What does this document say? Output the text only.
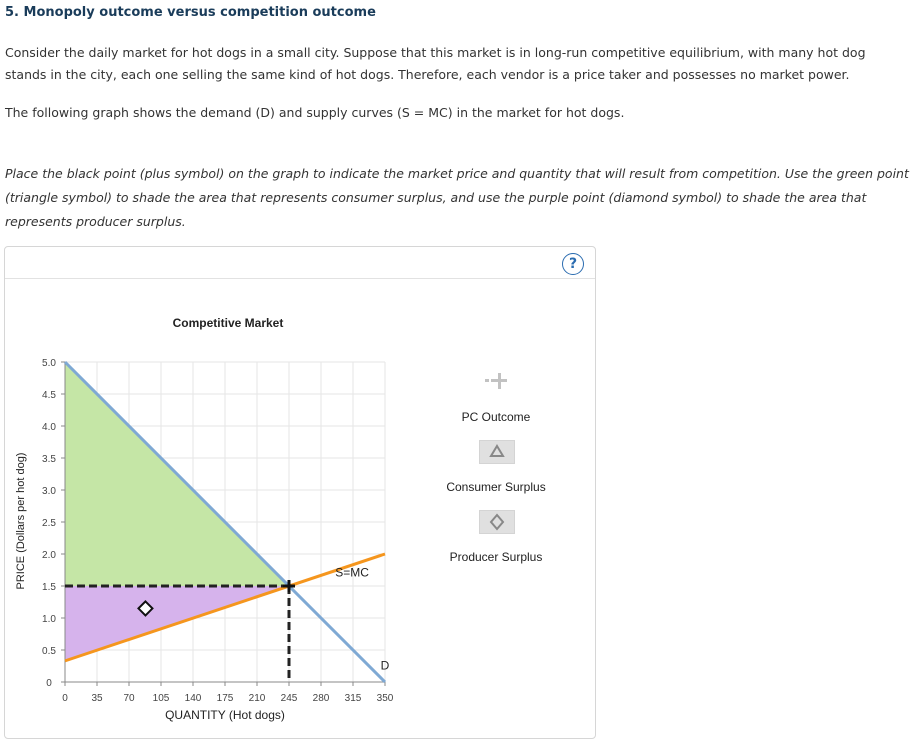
5. Monopoly outcome versus competition outcome
Consider the daily market for hot dogs in a small city. Suppose that this market is in long-run competitive equilibrium, with many hot dog stands in the city, each one selling the same kind of hot dogs. Therefore, each vendor is a price taker and possesses no market power.
The following graph shows the demand (D) and supply curves (S = MC) in the market for hot dogs.
Place the black point (plus symbol) on the graph to indicate the market price and quantity that will result from competition. Use the green point (triangle symbol) to shade the area that represents consumer surplus, and use the purple point (diamond symbol) to shade the area that represents producer surplus.
?
Competitive Market
S=MC
D
0 35 70 105 140 175 210 245 280 315 350
0
0.5
1.0
1.5
2.0
2.5
3.0
3.5
4.0
4.5
5.0
QUANTITY (Hot dogs)
PRICE (Dollars per hot dog)
PC Outcome
Consumer Surplus
Producer Surplus
